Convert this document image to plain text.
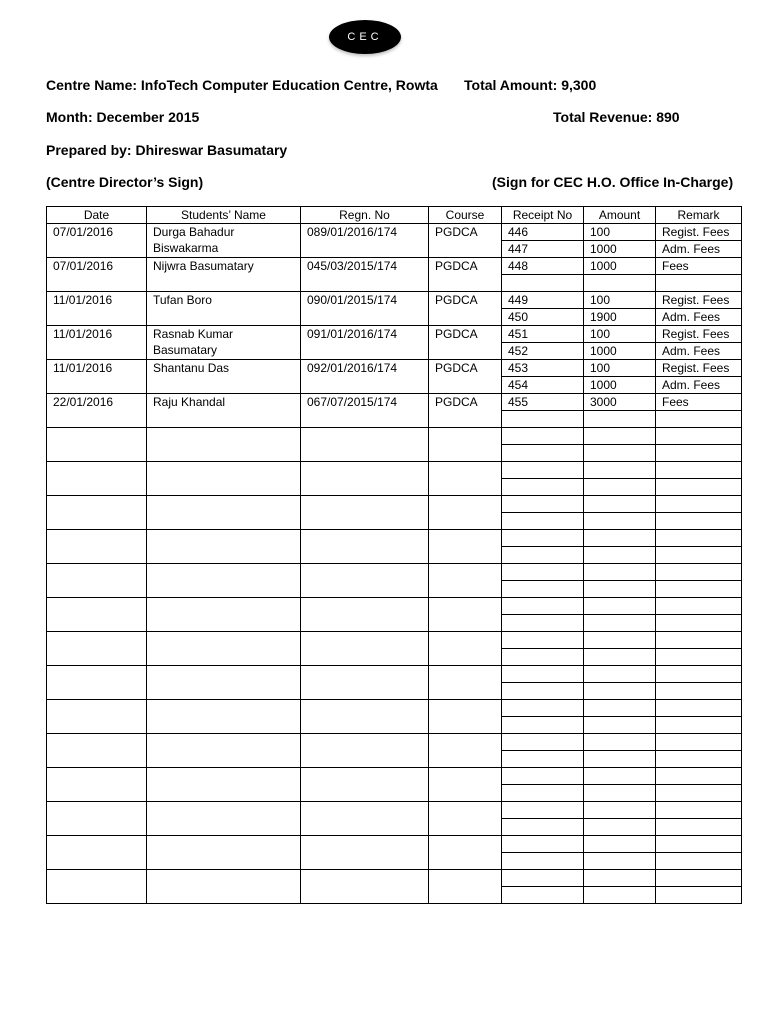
CEC
Centre Name: InfoTech Computer Education Centre, Rowta Total Amount: 9,300
Month: December 2015	Total Revenue: 890
Prepared by: Dhireswar Basumatary
(Centre Director’s Sign)	(Sign for CEC H.O. Office In-Charge)
Date	Students’ Name	Regn. No	Course	Receipt No	Amount	Remark
07/01/2016	Durga Bahadur Biswakarma	089/01/2016/174	PGDCA	446	100	Regist. Fees
				447	1000	Adm. Fees
07/01/2016	Nijwra Basumatary	045/03/2015/174	PGDCA	448	1000	Fees

11/01/2016	Tufan Boro	090/01/2015/174	PGDCA	449	100	Regist. Fees
				450	1900	Adm. Fees
11/01/2016	Rasnab Kumar Basumatary	091/01/2016/174	PGDCA	451	100	Regist. Fees
				452	1000	Adm. Fees
11/01/2016	Shantanu Das	092/01/2016/174	PGDCA	453	100	Regist. Fees
				454	1000	Adm. Fees
22/01/2016	Raju Khandal	067/07/2015/174	PGDCA	455	3000	Fees
